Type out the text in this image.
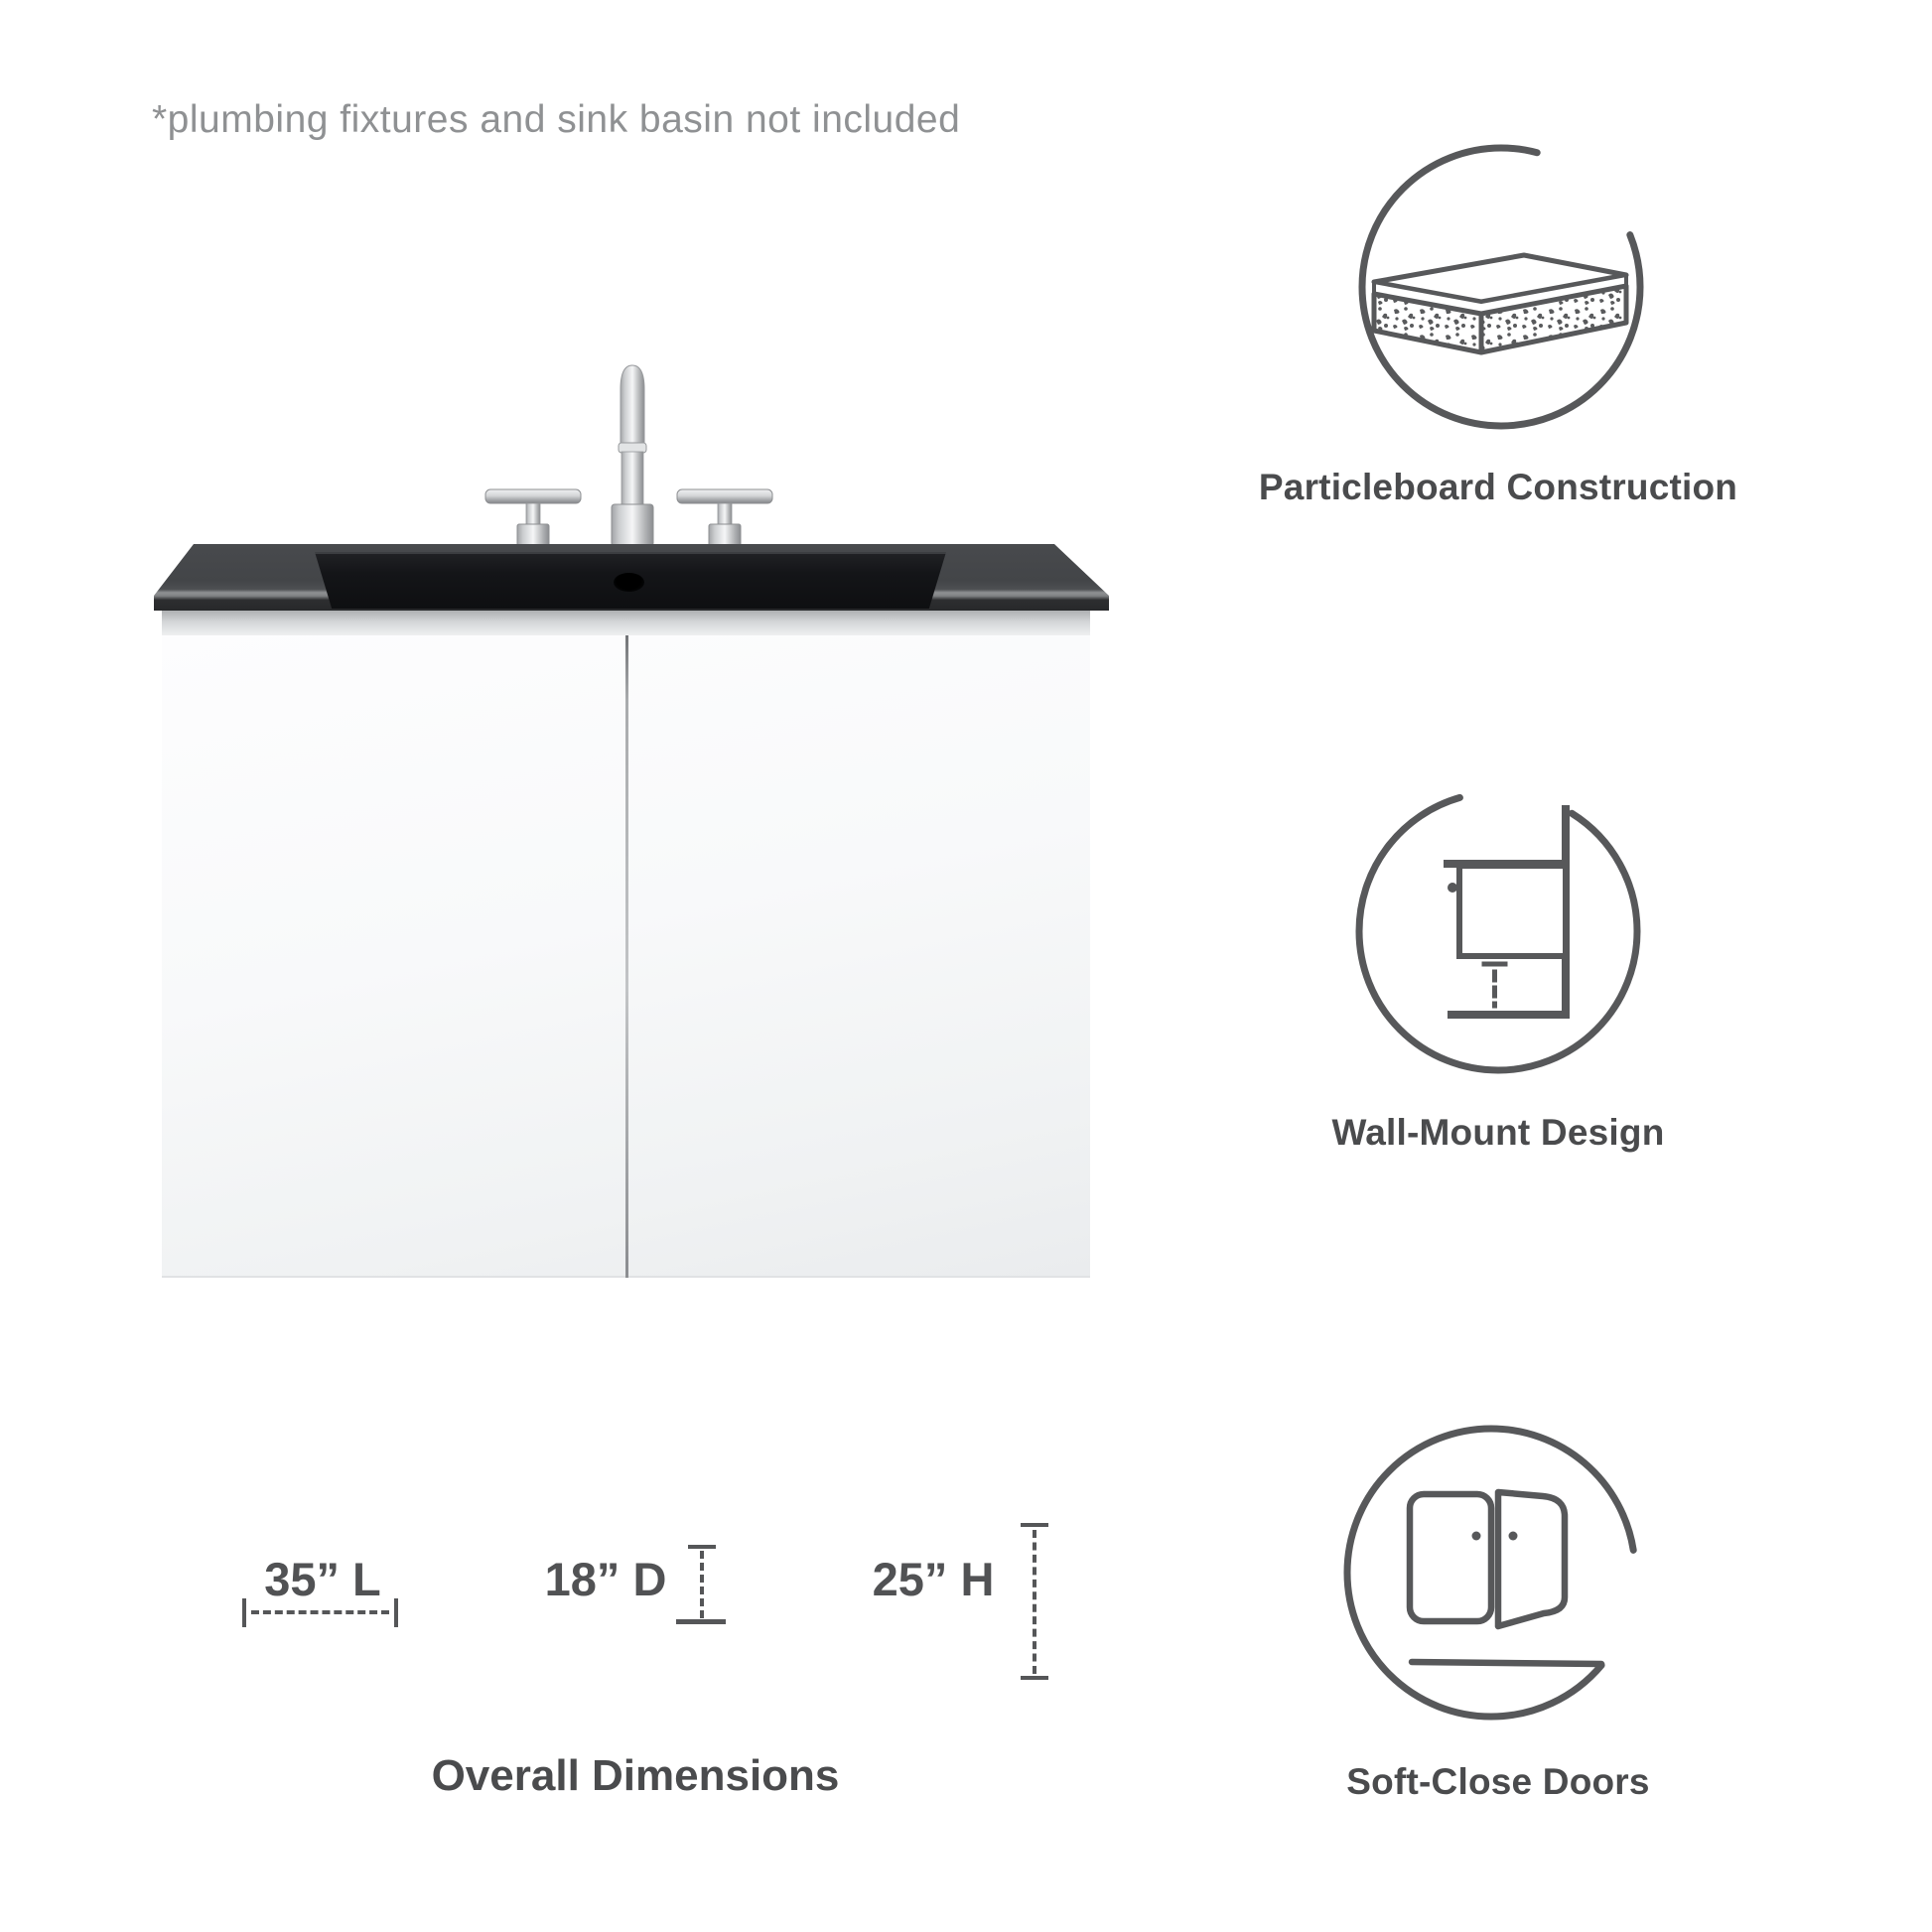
*plumbing fixtures and sink basin not included
Particleboard Construction
Wall-Mount Design
Soft-Close Doors
35” L	18” D	25” H
Overall Dimensions
